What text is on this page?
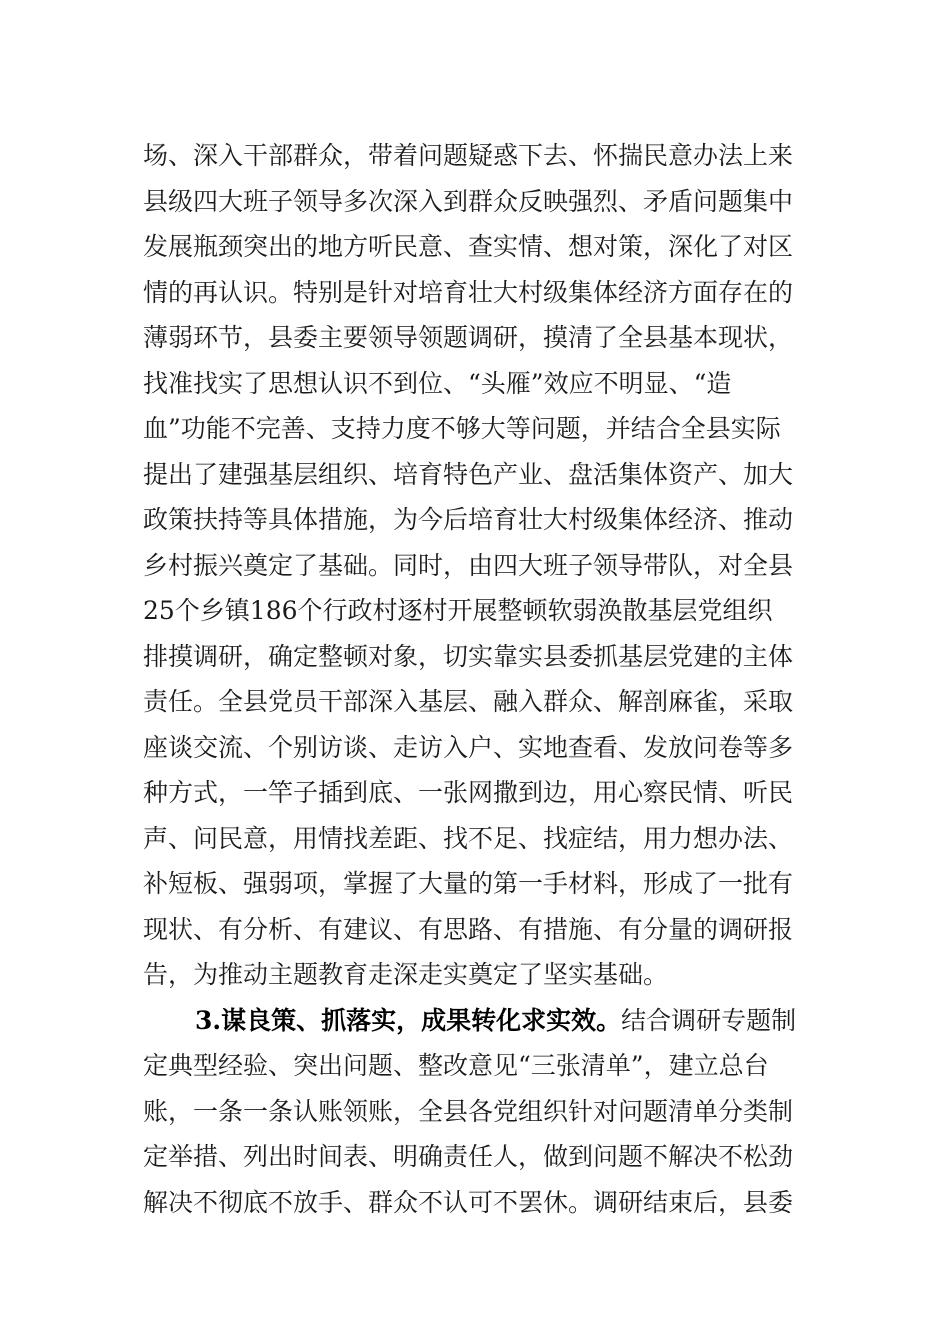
场、深入干部群众，带着问题疑惑下去、怀揣民意办法上来
县级四大班子领导多次深入到群众反映强烈、矛盾问题集中
发展瓶颈突出的地方听民意、查实情、想对策，深化了对区
情的再认识。特别是针对培育壮大村级集体经济方面存在的
薄弱环节，县委主要领导领题调研，摸清了全县基本现状，
找准找实了思想认识不到位、“头雁”效应不明显、“造
血”功能不完善、支持力度不够大等问题，并结合全县实际
提出了建强基层组织、培育特色产业、盘活集体资产、加大
政策扶持等具体措施，为今后培育壮大村级集体经济、推动
乡村振兴奠定了基础。同时，由四大班子领导带队，对全县
25个乡镇186个行政村逐村开展整顿软弱涣散基层党组织
排摸调研，确定整顿对象，切实靠实县委抓基层党建的主体
责任。全县党员干部深入基层、融入群众、解剖麻雀，采取
座谈交流、个别访谈、走访入户、实地查看、发放问卷等多
种方式，一竿子插到底、一张网撒到边，用心察民情、听民
声、问民意，用情找差距、找不足、找症结，用力想办法、
补短板、强弱项，掌握了大量的第一手材料，形成了一批有
现状、有分析、有建议、有思路、有措施、有分量的调研报
告，为推动主题教育走深走实奠定了坚实基础。
3.谋良策、抓落实，成果转化求实效。结合调研专题制
定典型经验、突出问题、整改意见“三张清单”，建立总台
账，一条一条认账领账，全县各党组织针对问题清单分类制
定举措、列出时间表、明确责任人，做到问题不解决不松劲
解决不彻底不放手、群众不认可不罢休。调研结束后，县委
